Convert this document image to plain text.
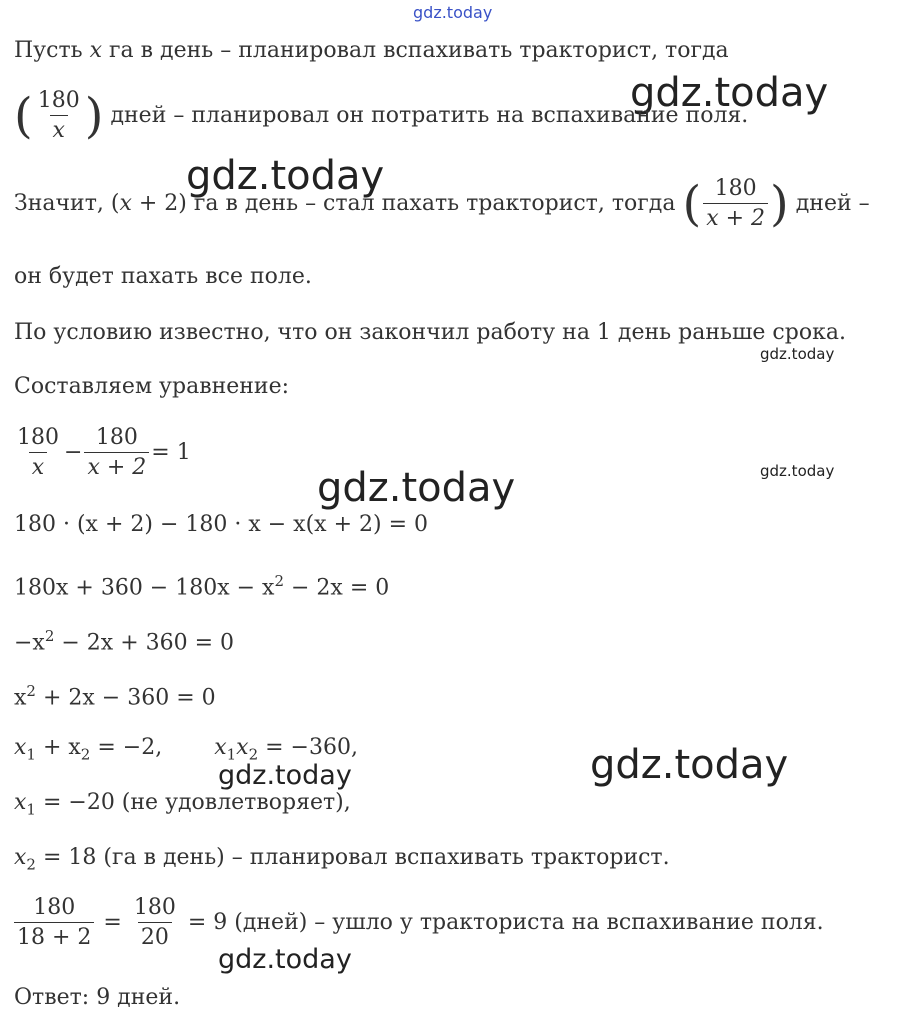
gdz.today
gdz.today
gdz.today
gdz.today
gdz.today
gdz.today
gdz.today
gdz.today
gdz.today
Пусть x га в день – планировал вспахивать тракторист, тогда
( $\frac{180}{x}$ ) дней – планировал он потратить на вспахивание поля.
Значит, (x + 2) га в день – стал пахать тракторист, тогда ( $\frac{180}{x + 2}$ ) дней –
он будет пахать все поле.
По условию известно, что он закончил работу на 1 день раньше срока.
Составляем уравнение:
$\frac{180}{x} - \frac{180}{x + 2} = 1$
180 · (x + 2) − 180 · x − x(x + 2) = 0
$180x + 360 - 180x - x^2 - 2x = 0$
$-x^2 - 2x + 360 = 0$
$x^2 + 2x - 360 = 0$
$x_1 + x_2 = -2$, $x_1x_2 = -360$,
$x_1 = -20$ (не удовлетворяет),
$x_2 = 18$ (га в день) – планировал вспахивать тракторист.
$\frac{180}{18 + 2} = \frac{180}{20} = 9$ (дней) – ушло у тракториста на вспахивание поля.
Ответ: 9 дней.
